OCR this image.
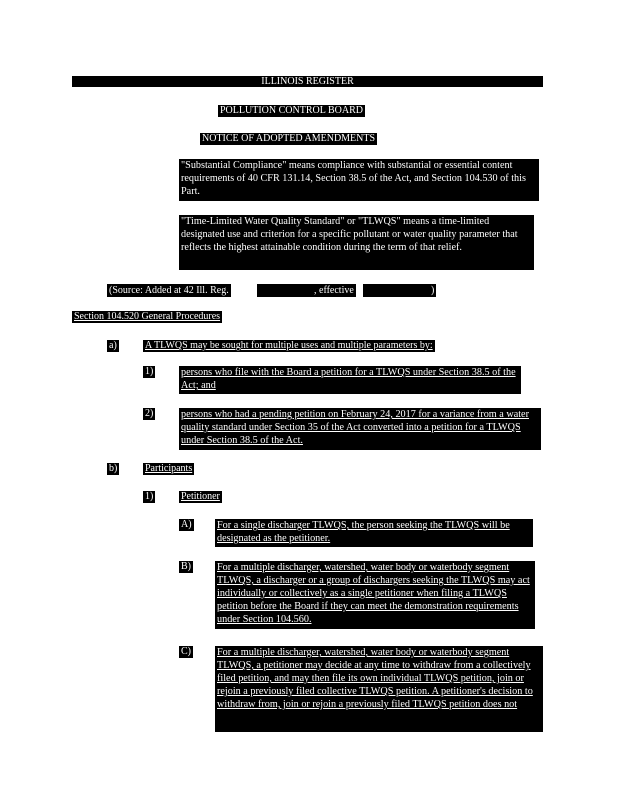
ILLINOIS REGISTER
POLLUTION CONTROL BOARD
NOTICE OF ADOPTED AMENDMENTS
"Substantial Compliance" means compliance with substantial or essential content requirements of 40 CFR 131.14, Section 38.5 of the Act, and Section 104.530 of this Part.
"Time-Limited Water Quality Standard" or "TLWQS" means a time-limited designated use and criterion for a specific pollutant or water quality parameter that reflects the highest attainable condition during the term of that relief.
(Source: Added at 42 Ill. Reg.	, effective	)
Section 104.520 General Procedures
a)	A TLWQS may be sought for multiple uses and multiple parameters by:
1)	persons who file with the Board a petition for a TLWQS under Section 38.5 of the Act; and
2)	persons who had a pending petition on February 24, 2017 for a variance from a water quality standard under Section 35 of the Act converted into a petition for a TLWQS under Section 38.5 of the Act.
b)	Participants
1)	Petitioner
A) For a single discharger TLWQS, the person seeking the TLWQS will be designated as the petitioner.
B)	For a multiple discharger, watershed, water body or waterbody segment TLWQS, a discharger or a group of dischargers seeking the TLWQS may act individually or collectively as a single petitioner when filing a TLWQS petition before the Board if they can meet the demonstration requirements under Section 104.560.
C)	For a multiple discharger, watershed, water body or waterbody segment TLWQS, a petitioner may decide at any time to withdraw from a collectively filed petition, and may then file its own individual TLWQS petition, join or rejoin a previously filed collective TLWQS petition. A petitioner's decision to withdraw from, join or rejoin a previously filed TLWQS petition does not
